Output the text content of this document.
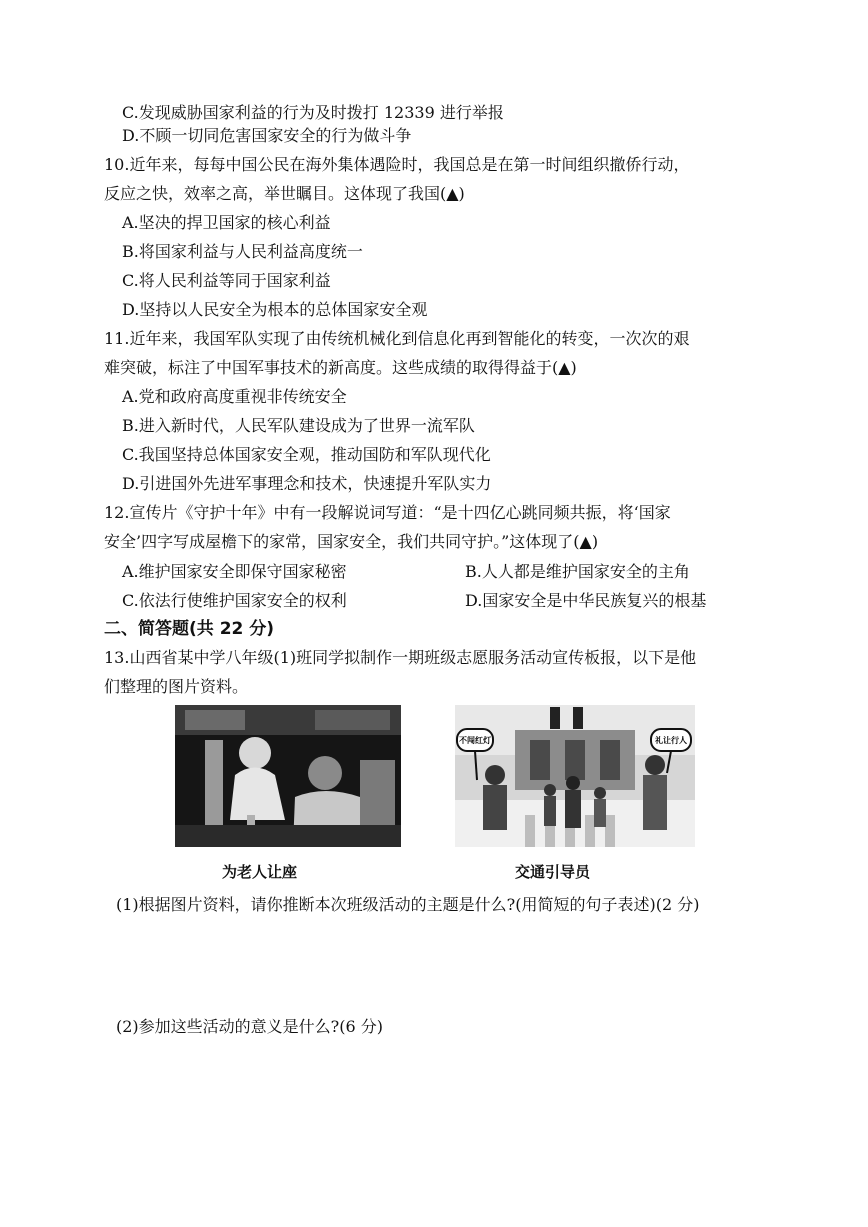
C.发现威胁国家利益的行为及时拨打 12339 进行举报
D.不顾一切同危害国家安全的行为做斗争
10.近年来，每每中国公民在海外集体遇险时，我国总是在第一时间组织撤侨行动，
反应之快，效率之高，举世瞩目。这体现了我国(▲)
A.坚决的捍卫国家的核心利益
B.将国家利益与人民利益高度统一
C.将人民利益等同于国家利益
D.坚持以人民安全为根本的总体国家安全观
11.近年来，我国军队实现了由传统机械化到信息化再到智能化的转变，一次次的艰
难突破，标注了中国军事技术的新高度。这些成绩的取得得益于(▲)
A.党和政府高度重视非传统安全
B.进入新时代，人民军队建设成为了世界一流军队
C.我国坚持总体国家安全观，推动国防和军队现代化
D.引进国外先进军事理念和技术，快速提升军队实力
12.宣传片《守护十年》中有一段解说词写道：“是十四亿心跳同频共振，将‘国家
安全’四字写成屋檐下的家常，国家安全，我们共同守护。”这体现了(▲)
A.维护国家安全即保守国家秘密	B.人人都是维护国家安全的主角
C.依法行使维护国家安全的权利	D.国家安全是中华民族复兴的根基
二、简答题(共 22 分)
13.山西省某中学八年级(1)班同学拟制作一期班级志愿服务活动宣传板报，以下是他
们整理的图片资料。
为老人让座
不闯红灯	礼让行人
交通引导员
(1)根据图片资料，请你推断本次班级活动的主题是什么?(用简短的句子表述)(2 分)
(2)参加这些活动的意义是什么?(6 分)
